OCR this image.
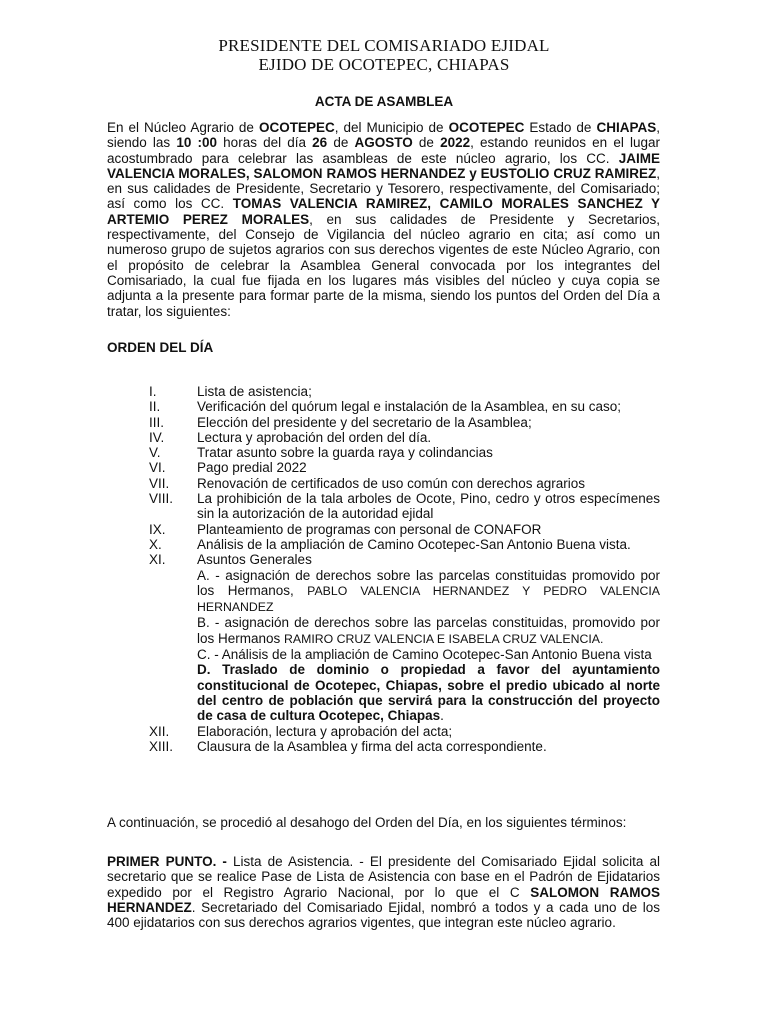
PRESIDENTE DEL COMISARIADO EJIDAL
EJIDO DE OCOTEPEC, CHIAPAS
ACTA DE ASAMBLEA
En el Núcleo Agrario de OCOTEPEC, del Municipio de OCOTEPEC Estado de CHIAPAS, siendo las 10 :00 horas del día 26 de AGOSTO de 2022, estando reunidos en el lugar acostumbrado para celebrar las asambleas de este núcleo agrario, los CC. JAIME VALENCIA MORALES, SALOMON RAMOS HERNANDEZ y EUSTOLIO CRUZ RAMIREZ, en sus calidades de Presidente, Secretario y Tesorero, respectivamente, del Comisariado; así como los CC. TOMAS VALENCIA RAMIREZ, CAMILO MORALES SANCHEZ Y ARTEMIO PEREZ MORALES, en sus calidades de Presidente y Secretarios, respectivamente, del Consejo de Vigilancia del núcleo agrario en cita; así como un numeroso grupo de sujetos agrarios con sus derechos vigentes de este Núcleo Agrario, con el propósito de celebrar la Asamblea General convocada por los integrantes del Comisariado, la cual fue fijada en los lugares más visibles del núcleo y cuya copia se adjunta a la presente para formar parte de la misma, siendo los puntos del Orden del Día a tratar, los siguientes:
ORDEN DEL DÍA
I.	Lista de asistencia;
II.	Verificación del quórum legal e instalación de la Asamblea, en su caso;
III.	Elección del presidente y del secretario de la Asamblea;
IV.	Lectura y aprobación del orden del día.
V.	Tratar asunto sobre la guarda raya y colindancias
VI.	Pago predial 2022
VII.	Renovación de certificados de uso común con derechos agrarios
VIII.	La prohibición de la tala arboles de Ocote, Pino, cedro y otros especímenes sin la autorización de la autoridad ejidal
IX.	Planteamiento de programas con personal de CONAFOR
X.	Análisis de la ampliación de Camino Ocotepec-San Antonio Buena vista.
XI.	Asuntos Generales
A. - asignación de derechos sobre las parcelas constituidas promovido por los Hermanos, PABLO VALENCIA HERNANDEZ Y PEDRO VALENCIA HERNANDEZ
B. - asignación de derechos sobre las parcelas constituidas, promovido por los Hermanos RAMIRO CRUZ VALENCIA E ISABELA CRUZ VALENCIA.
C. - Análisis de la ampliación de Camino Ocotepec-San Antonio Buena vista
D. Traslado de dominio o propiedad a favor del ayuntamiento constitucional de Ocotepec, Chiapas, sobre el predio ubicado al norte del centro de población que servirá para la construcción del proyecto de casa de cultura Ocotepec, Chiapas.
XII.	Elaboración, lectura y aprobación del acta;
XIII.	Clausura de la Asamblea y firma del acta correspondiente.
A continuación, se procedió al desahogo del Orden del Día, en los siguientes términos:
PRIMER PUNTO. - Lista de Asistencia. - El presidente del Comisariado Ejidal solicita al secretario que se realice Pase de Lista de Asistencia con base en el Padrón de Ejidatarios expedido por el Registro Agrario Nacional, por lo que el C SALOMON RAMOS HERNANDEZ. Secretariado del Comisariado Ejidal, nombró a todos y a cada uno de los 400 ejidatarios con sus derechos agrarios vigentes, que integran este núcleo agrario.
